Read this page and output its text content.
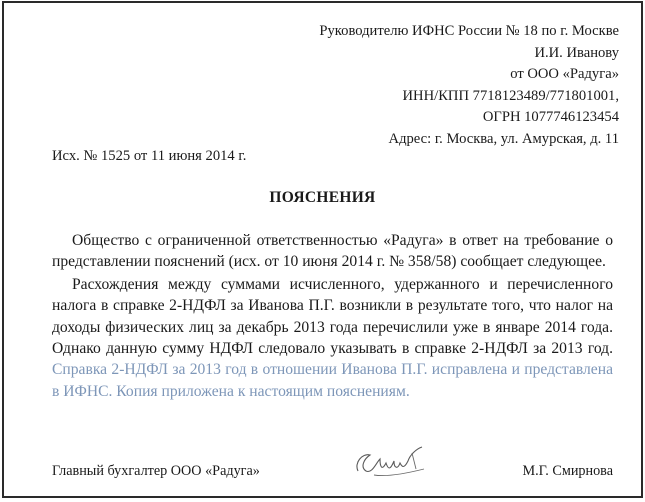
Руководителю ИФНС России № 18 по г. Москве
И.И. Иванову
от ООО «Радуга»
ИНН/КПП 7718123489/771801001,
ОГРН 1077746123454
Адрес: г. Москва, ул. Амурская, д. 11
Исх. № 1525 от 11 июня 2014 г.
ПОЯСНЕНИЯ

Общество с ограниченной ответственностью «Радуга» в ответ на требование о представлении пояснений (исх. от 10 июня 2014 г. № 358/58) сообщает следующее.

Расхождения между суммами исчисленного, удержанного и перечисленного налога в справке 2-НДФЛ за Иванова П.Г. возникли в результате того, что налог на доходы физических лиц за декабрь 2013 года перечислили уже в январе 2014 года. Однако данную сумму НДФЛ следовало указывать в справке 2-НДФЛ за 2013 год. Справка 2-НДФЛ за 2013 год в отношении Иванова П.Г. исправлена и представлена в ИФНС. Копия приложена к настоящим пояснениям.

Главный бухгалтер ООО «Радуга»	М.Г. Смирнова
